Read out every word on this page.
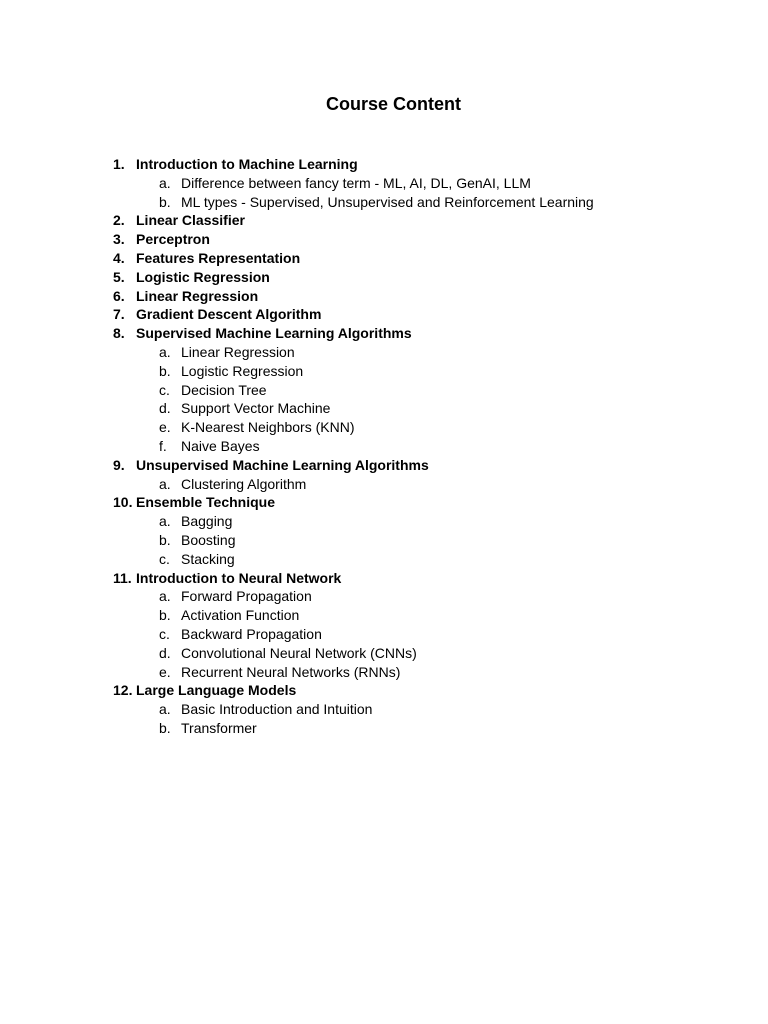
Course Content
1. Introduction to Machine Learning
a. Difference between fancy term - ML, AI, DL, GenAI, LLM
b. ML types - Supervised, Unsupervised and Reinforcement Learning
2. Linear Classifier
3. Perceptron
4. Features Representation
5. Logistic Regression
6. Linear Regression
7. Gradient Descent Algorithm
8. Supervised Machine Learning Algorithms
a. Linear Regression
b. Logistic Regression
c. Decision Tree
d. Support Vector Machine
e. K-Nearest Neighbors (KNN)
f. Naive Bayes
9. Unsupervised Machine Learning Algorithms
a. Clustering Algorithm
10. Ensemble Technique
a. Bagging
b. Boosting
c. Stacking
11. Introduction to Neural Network
a. Forward Propagation
b. Activation Function
c. Backward Propagation
d. Convolutional Neural Network (CNNs)
e. Recurrent Neural Networks (RNNs)
12. Large Language Models
a. Basic Introduction and Intuition
b. Transformer
